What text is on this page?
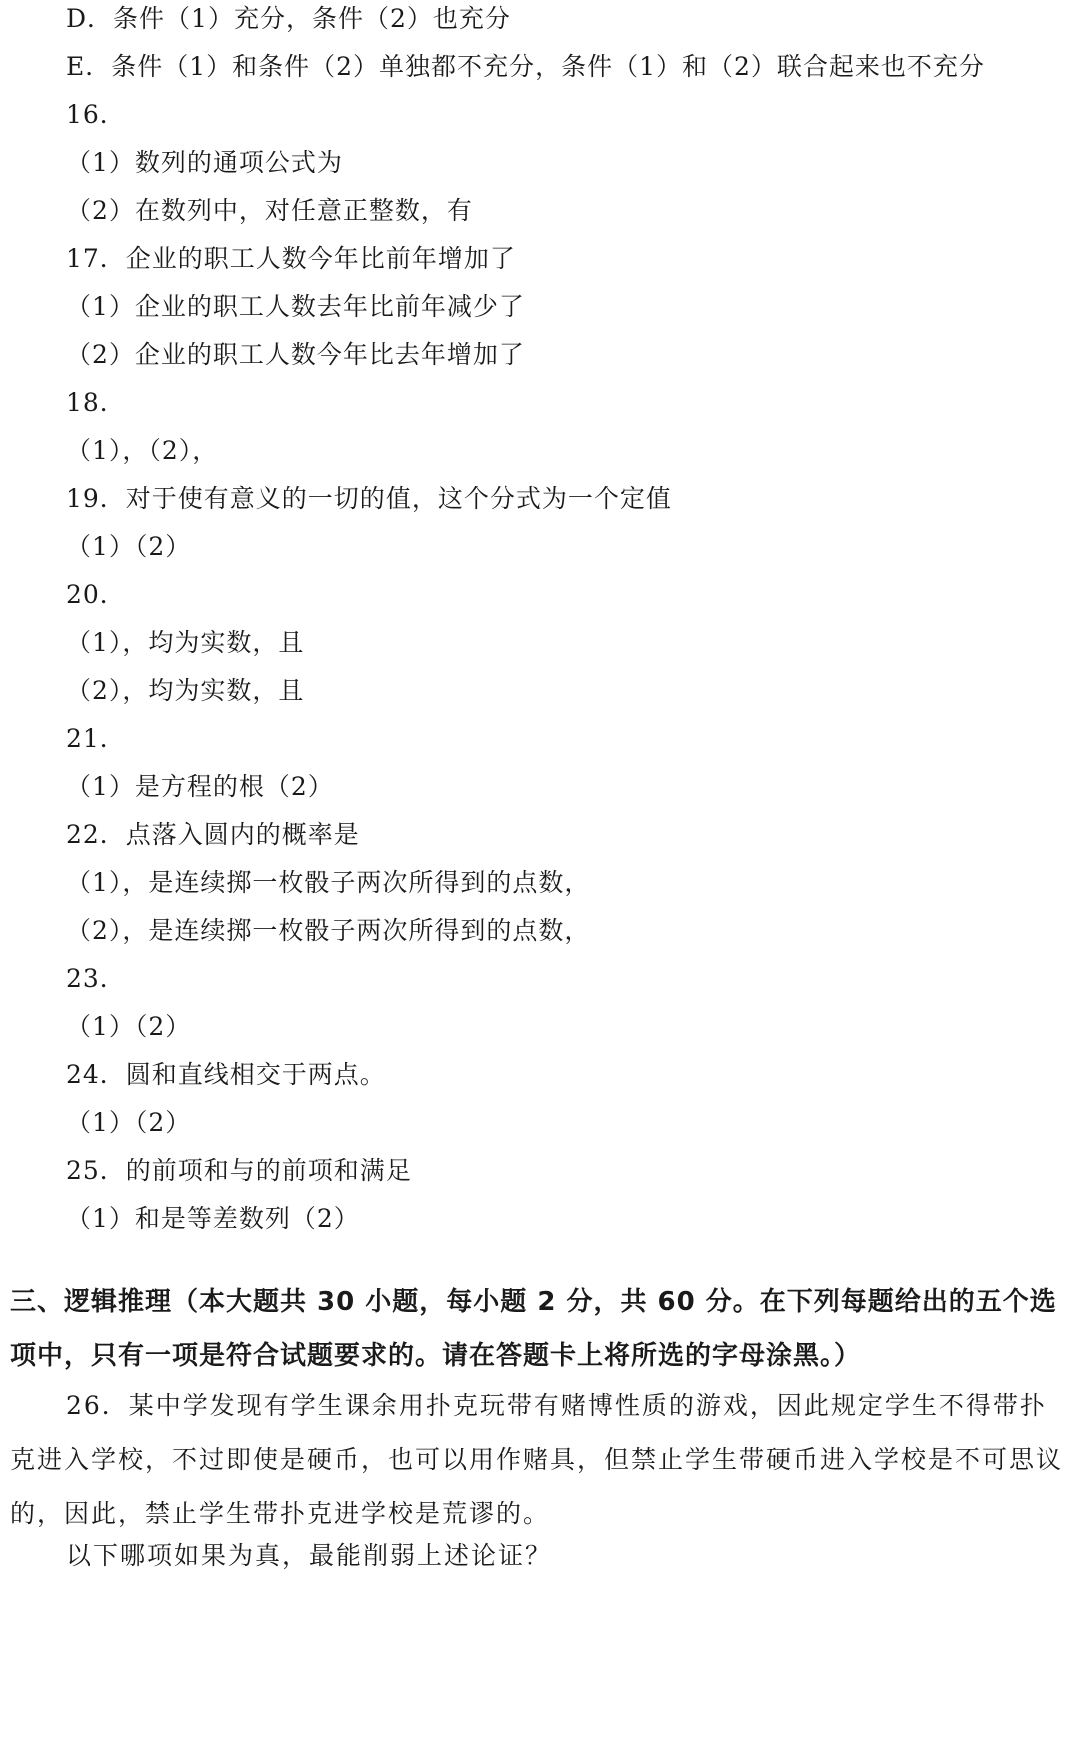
D．条件（1）充分，条件（2）也充分
E．条件（1）和条件（2）单独都不充分，条件（1）和（2）联合起来也不充分
16．
（1）数列的通项公式为
（2）在数列中，对任意正整数，有
17．企业的职工人数今年比前年增加了
（1）企业的职工人数去年比前年减少了
（2）企业的职工人数今年比去年增加了
18．
（1），（2），
19．对于使有意义的一切的值，这个分式为一个定值
（1）（2）
20．
（1），均为实数，且
（2），均为实数，且
21．
（1）是方程的根（2）
22．点落入圆内的概率是
（1），是连续掷一枚骰子两次所得到的点数，
（2），是连续掷一枚骰子两次所得到的点数，
23．
（1）（2）
24．圆和直线相交于两点。
（1）（2）
25．的前项和与的前项和满足
（1）和是等差数列（2）
三、逻辑推理（本大题共 30 小题，每小题 2 分，共 60 分。在下列每题给出的五个选项中，只有一项是符合试题要求的。请在答题卡上将所选的字母涂黑。）
26．某中学发现有学生课余用扑克玩带有赌博性质的游戏，因此规定学生不得带扑克进入学校，不过即使是硬币，也可以用作赌具，但禁止学生带硬币进入学校是不可思议的，因此，禁止学生带扑克进学校是荒谬的。
以下哪项如果为真，最能削弱上述论证？
